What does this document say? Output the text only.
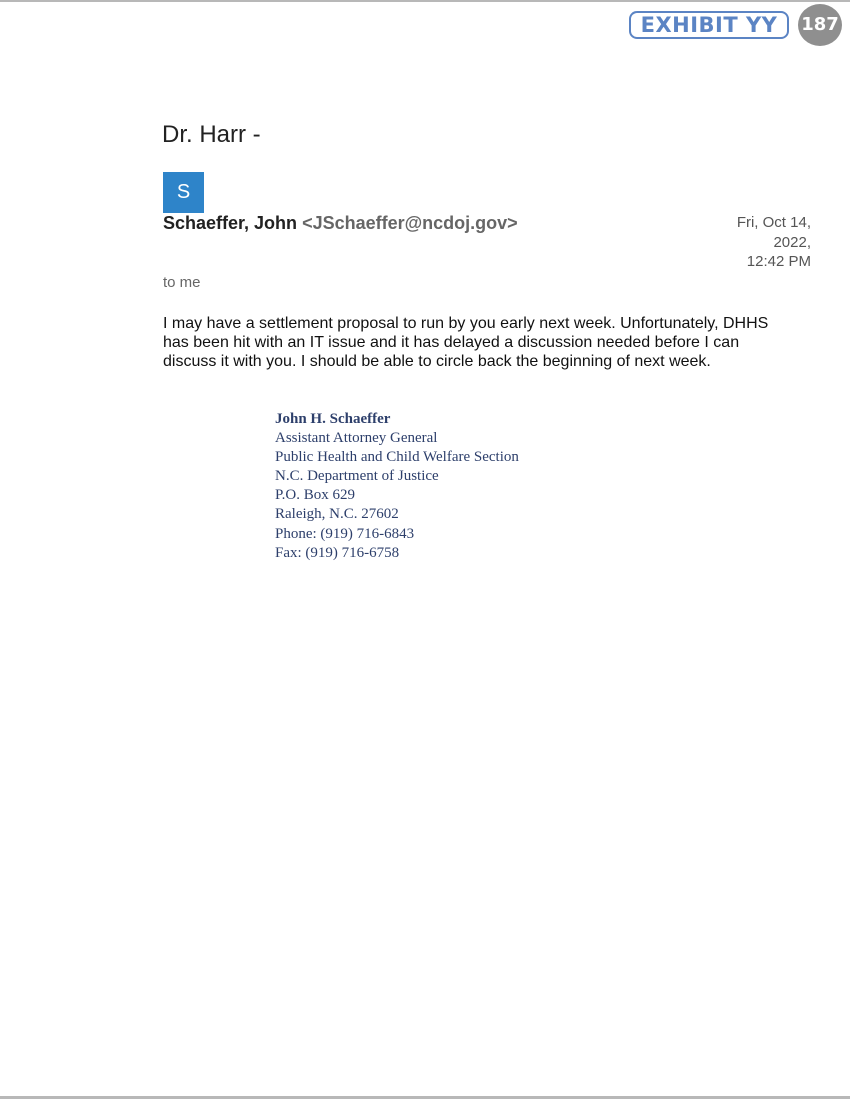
EXHIBIT YY	187
Dr. Harr -
S
Schaeffer, John <JSchaeffer@ncdoj.gov>	Fri, Oct 14,
2022,
12:42 PM
to me
I may have a settlement proposal to run by you early next week. Unfortunately, DHHS
has been hit with an IT issue and it has delayed a discussion needed before I can
discuss it with you. I should be able to circle back the beginning of next week.
John H. Schaeffer
Assistant Attorney General
Public Health and Child Welfare Section
N.C. Department of Justice
P.O. Box 629
Raleigh, N.C. 27602
Phone: (919) 716-6843
Fax: (919) 716-6758
